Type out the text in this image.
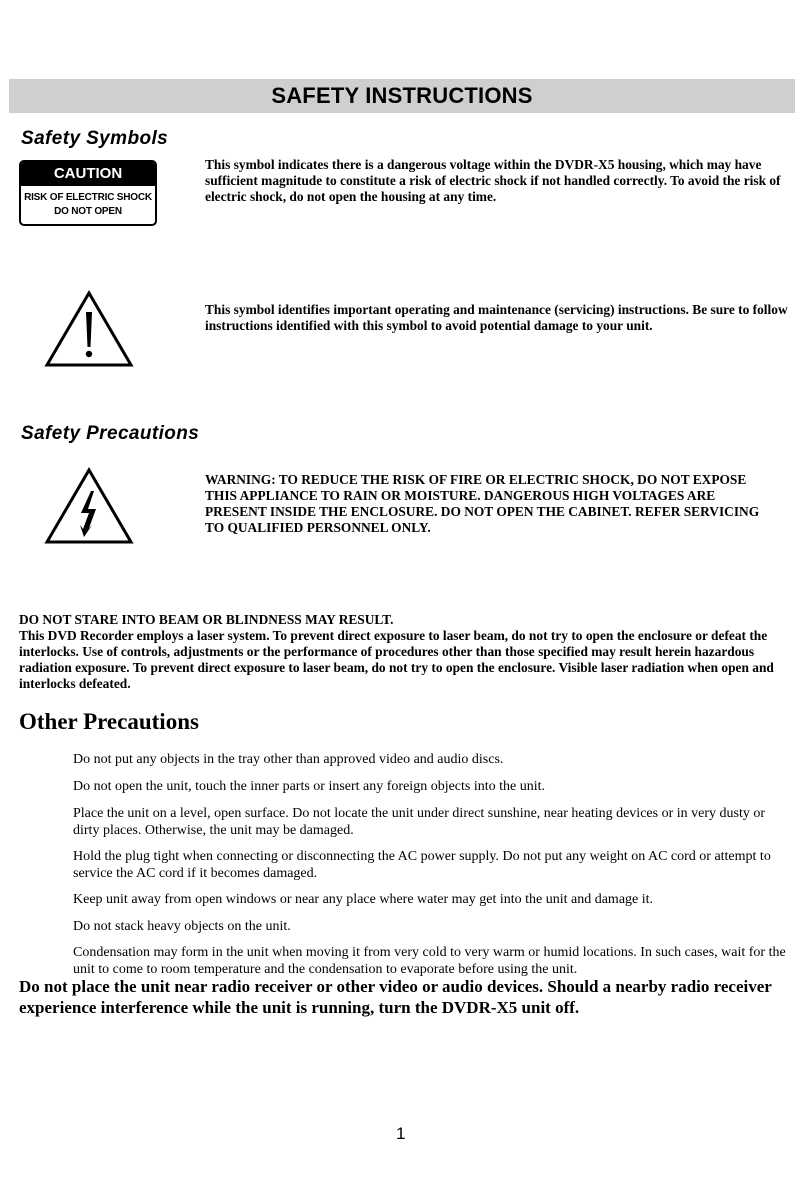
SAFETY INSTRUCTIONS
Safety Symbols
CAUTION
RISK OF ELECTRIC SHOCK
DO NOT OPEN
This symbol indicates there is a dangerous voltage within the DVDR-X5 housing, which may have sufficient magnitude to constitute a risk of electric shock if not handled correctly. To avoid the risk of electric shock, do not open the housing at any time.
This symbol identifies important operating and maintenance (servicing) instructions. Be sure to follow instructions identified with this symbol to avoid potential damage to your unit.
Safety Precautions
WARNING: TO REDUCE THE RISK OF FIRE OR ELECTRIC SHOCK, DO NOT EXPOSE THIS APPLIANCE TO RAIN OR MOISTURE. DANGEROUS HIGH VOLTAGES ARE PRESENT INSIDE THE ENCLOSURE. DO NOT OPEN THE CABINET. REFER SERVICING TO QUALIFIED PERSONNEL ONLY.
DO NOT STARE INTO BEAM OR BLINDNESS MAY RESULT.
This DVD Recorder employs a laser system. To prevent direct exposure to laser beam, do not try to open the enclosure or defeat the interlocks. Use of controls, adjustments or the performance of procedures other than those specified may result herein hazardous radiation exposure. To prevent direct exposure to laser beam, do not try to open the enclosure. Visible laser radiation when open and interlocks defeated.
Other Precautions
Do not put any objects in the tray other than approved video and audio discs.
Do not open the unit, touch the inner parts or insert any foreign objects into the unit.
Place the unit on a level, open surface. Do not locate the unit under direct sunshine, near heating devices or in very dusty or dirty places. Otherwise, the unit may be damaged.
Hold the plug tight when connecting or disconnecting the AC power supply. Do not put any weight on AC cord or attempt to service the AC cord if it becomes damaged.
Keep unit away from open windows or near any place where water may get into the unit and damage it.
Do not stack heavy objects on the unit.
Condensation may form in the unit when moving it from very cold to very warm or humid locations. In such cases, wait for the unit to come to room temperature and the condensation to evaporate before using the unit.
Do not place the unit near radio receiver or other video or audio devices. Should a nearby radio receiver experience interference while the unit is running, turn the DVDR-X5 unit off.
1
